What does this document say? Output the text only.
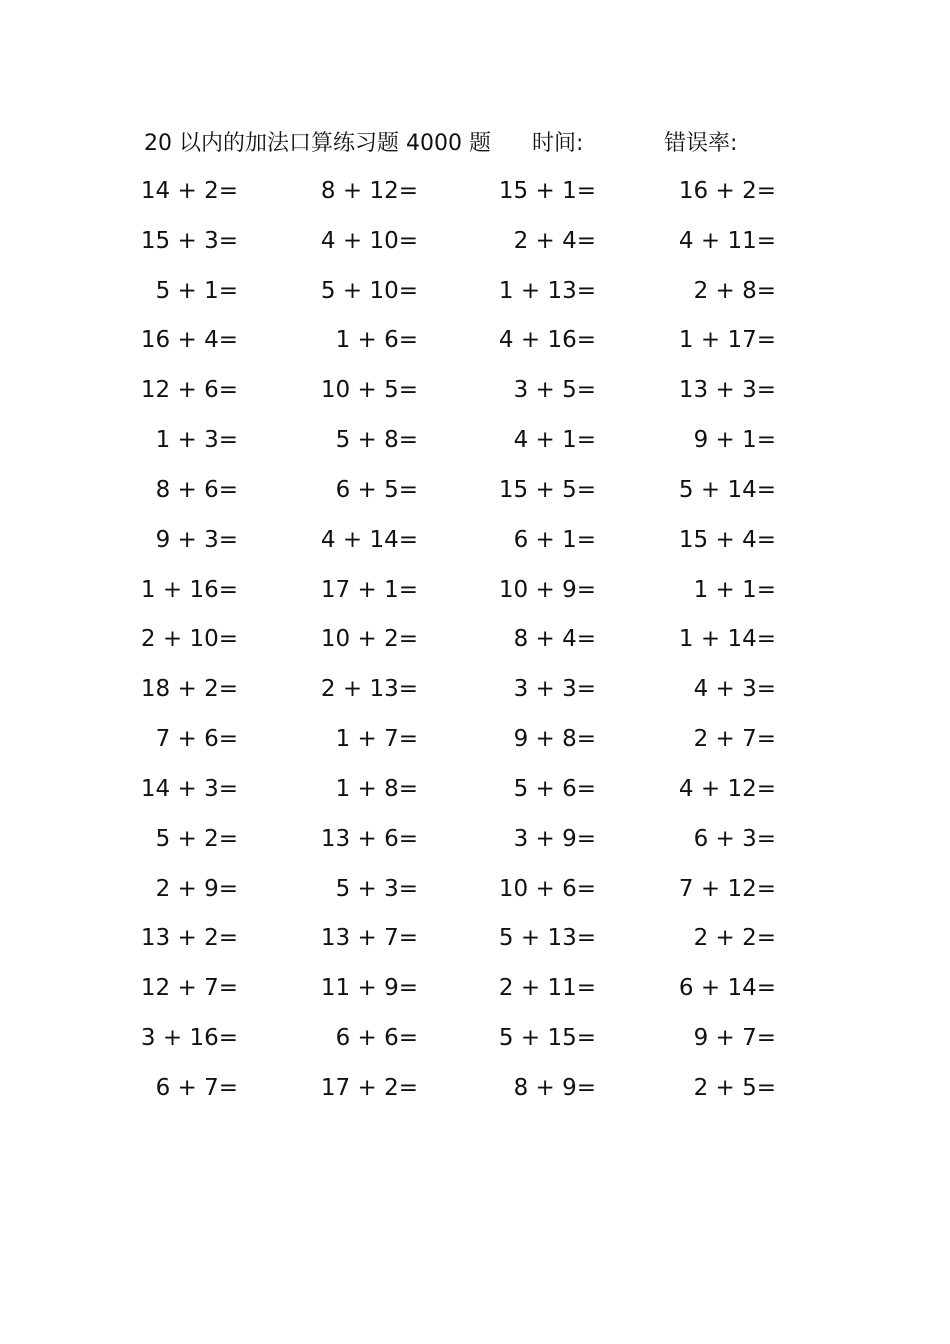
20 以内的加法口算练习题 4000 题 时间:	错误率:
14 + 2=	8 + 12=	15 + 1=	16 + 2=
15 + 3=	4 + 10=	2 + 4=	4 + 11=
5 + 1=	5 + 10=	1 + 13=	2 + 8=
16 + 4=	1 + 6=	4 + 16=	1 + 17=
12 + 6=	10 + 5=	3 + 5=	13 + 3=
1 + 3=	5 + 8=	4 + 1=	9 + 1=
8 + 6=	6 + 5=	15 + 5=	5 + 14=
9 + 3=	4 + 14=	6 + 1=	15 + 4=
1 + 16=	17 + 1=	10 + 9=	1 + 1=
2 + 10=	10 + 2=	8 + 4=	1 + 14=
18 + 2=	2 + 13=	3 + 3=	4 + 3=
7 + 6=	1 + 7=	9 + 8=	2 + 7=
14 + 3=	1 + 8=	5 + 6=	4 + 12=
5 + 2=	13 + 6=	3 + 9=	6 + 3=
2 + 9=	5 + 3=	10 + 6=	7 + 12=
13 + 2=	13 + 7=	5 + 13=	2 + 2=
12 + 7=	11 + 9=	2 + 11=	6 + 14=
3 + 16=	6 + 6=	5 + 15=	9 + 7=
6 + 7=	17 + 2=	8 + 9=	2 + 5=
